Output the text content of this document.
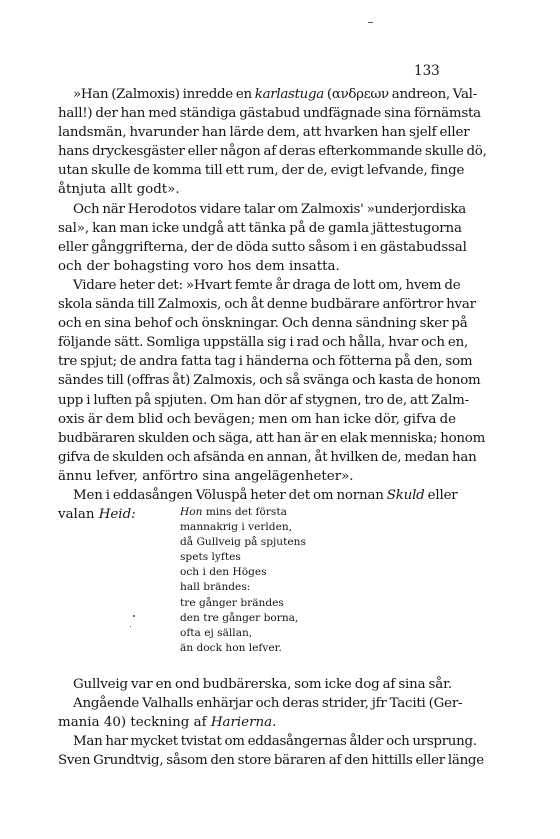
133
»Han (Zalmoxis) inredde en karlastuga (ανδρεων andreon, Val-
hall!) der han med ständiga gästabud undfägnade sina förnämsta
landsmän, hvarunder han lärde dem, att hvarken han sjelf eller
hans dryckesgäster eller någon af deras efterkommande skulle dö,
utan skulle de komma till ett rum, der de, evigt lefvande, finge
åtnjuta allt godt».
Och när Herodotos vidare talar om Zalmoxis' »underjordiska
sal», kan man icke undgå att tänka på de gamla jättestugorna
eller gånggrifterna, der de döda sutto såsom i en gästabudssal
och der bohagsting voro hos dem insatta.
Vidare heter det: »Hvart femte år draga de lott om, hvem de
skola sända till Zalmoxis, och åt denne budbärare anförtror hvar
och en sina behof och önskningar. Och denna sändning sker på
följande sätt. Somliga uppställa sig i rad och hålla, hvar och en,
tre spjut; de andra fatta tag i händerna och fötterna på den, som
sändes till (offras åt) Zalmoxis, och så svänga och kasta de honom
upp i luften på spjuten. Om han dör af stygnen, tro de, att Zalm-
oxis är dem blid och bevägen; men om han icke dör, gifva de
budbäraren skulden och säga, att han är en elak menniska; honom
gifva de skulden och afsända en annan, åt hvilken de, medan han
ännu lefver, anförtro sina angelägenheter».
Men i eddasången Völuspå heter det om nornan Skuld eller
valan Heid:	Hon mins det första
mannakrig i verlden,
då Gullveig på spjutens
spets lyftes
och i den Höges
hall brändes:
tre gånger brändes
den tre gånger borna,
ofta ej sällan,
än dock hon lefver.
Gullveig var en ond budbärerska, som icke dog af sina sår.
Angående Valhalls enhärjar och deras strider, jfr Taciti (Ger-
mania 40) teckning af Harierna.
Man har mycket tvistat om eddasångernas ålder och ursprung.
Sven Grundtvig, såsom den store bäraren af den hittills eller länge
